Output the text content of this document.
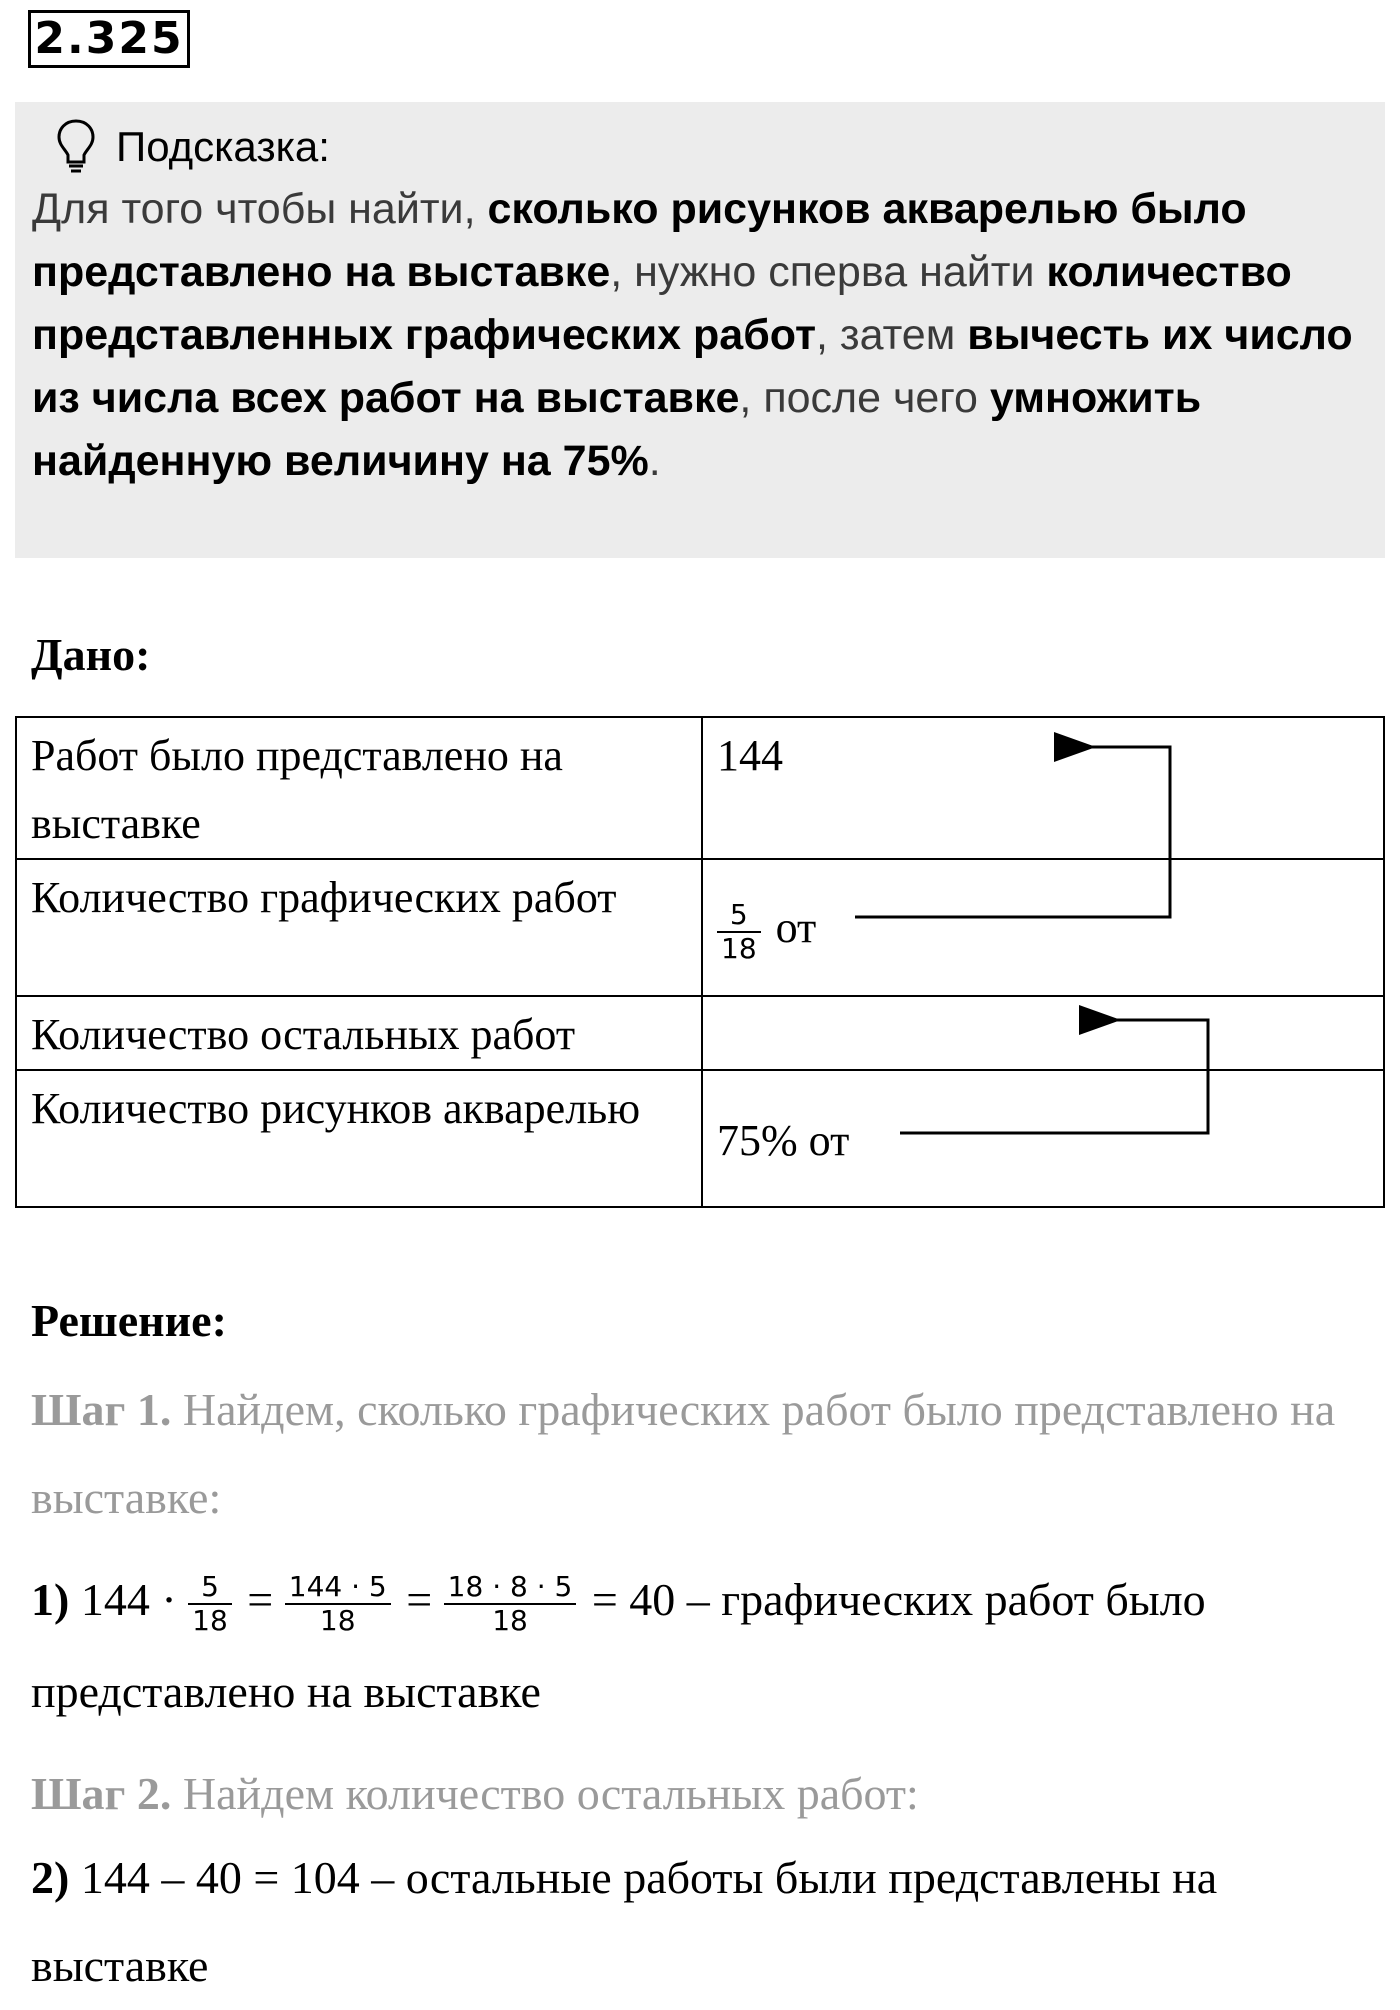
2.325
Подсказка:
Для того чтобы найти, сколько рисунков акварелью было представлено на выставке, нужно сперва найти количество представленных графических работ, затем вычесть их число из числа всех работ на выставке, после чего умножить найденную величину на 75%.
Дано:
Работ было представлено на выставке	144
Количество графических работ	$\frac{5}{18}$ от
Количество остальных работ	
Количество рисунков акварелью	75% от
Решение:
Шаг 1. Найдем, сколько графических работ было представлено на выставке:
1) $144 \cdot \frac{5}{18} = \frac{144 \cdot 5}{18} = \frac{18 \cdot 8 \cdot 5}{18} = 40$ – графических работ было
представлено на выставке
Шаг 2. Найдем количество остальных работ:
2) 144 – 40 = 104 – остальные работы были представлены на
выставке
